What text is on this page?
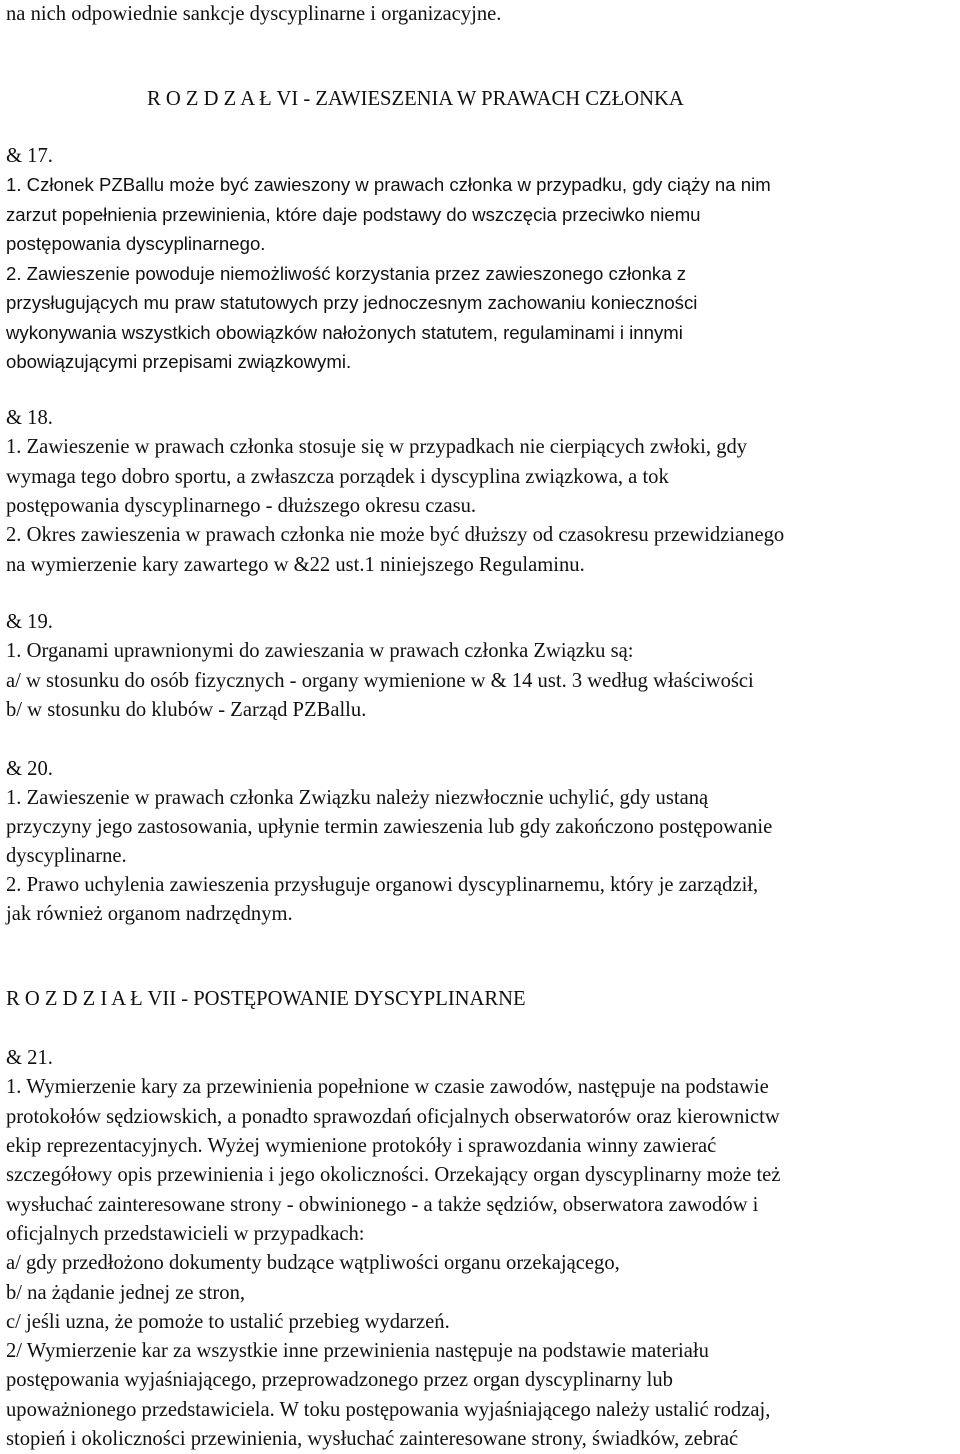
na nich odpowiednie sankcje dyscyplinarne i organizacyjne.
R O Z D Z A Ł VI - ZAWIESZENIA W PRAWACH CZŁONKA
& 17.
1. Członek PZBallu może być zawieszony w prawach członka w przypadku, gdy ciąży na nim
zarzut popełnienia przewinienia, które daje podstawy do wszczęcia przeciwko niemu
postępowania dyscyplinarnego.
2. Zawieszenie powoduje niemożliwość korzystania przez zawieszonego członka z
przysługujących mu praw statutowych przy jednoczesnym zachowaniu konieczności
wykonywania wszystkich obowiązków nałożonych statutem, regulaminami i innymi
obowiązującymi przepisami związkowymi.
& 18.
1. Zawieszenie w prawach członka stosuje się w przypadkach nie cierpiących zwłoki, gdy
wymaga tego dobro sportu, a zwłaszcza porządek i dyscyplina związkowa, a tok
postępowania dyscyplinarnego - dłuższego okresu czasu.
2. Okres zawieszenia w prawach członka nie może być dłuższy od czasokresu przewidzianego
na wymierzenie kary zawartego w &22 ust.1 niniejszego Regulaminu.
& 19.
1. Organami uprawnionymi do zawieszania w prawach członka Związku są:
a/ w stosunku do osób fizycznych - organy wymienione w & 14 ust. 3 według właściwości
b/ w stosunku do klubów - Zarząd PZBallu.
& 20.
1. Zawieszenie w prawach członka Związku należy niezwłocznie uchylić, gdy ustaną
przyczyny jego zastosowania, upłynie termin zawieszenia lub gdy zakończono postępowanie
dyscyplinarne.
2. Prawo uchylenia zawieszenia przysługuje organowi dyscyplinarnemu, który je zarządził,
jak również organom nadrzędnym.
R O Z D Z I A Ł VII - POSTĘPOWANIE DYSCYPLINARNE
& 21.
1. Wymierzenie kary za przewinienia popełnione w czasie zawodów, następuje na podstawie
protokołów sędziowskich, a ponadto sprawozdań oficjalnych obserwatorów oraz kierownictw
ekip reprezentacyjnych. Wyżej wymienione protokóły i sprawozdania winny zawierać
szczegółowy opis przewinienia i jego okoliczności. Orzekający organ dyscyplinarny może też
wysłuchać zainteresowane strony - obwinionego - a także sędziów, obserwatora zawodów i
oficjalnych przedstawicieli w przypadkach:
a/ gdy przedłożono dokumenty budzące wątpliwości organu orzekającego,
b/ na żądanie jednej ze stron,
c/ jeśli uzna, że pomoże to ustalić przebieg wydarzeń.
2/ Wymierzenie kar za wszystkie inne przewinienia następuje na podstawie materiału
postępowania wyjaśniającego, przeprowadzonego przez organ dyscyplinarny lub
upoważnionego przedstawiciela. W toku postępowania wyjaśniającego należy ustalić rodzaj,
stopień i okoliczności przewinienia, wysłuchać zainteresowane strony, świadków, zebrać
